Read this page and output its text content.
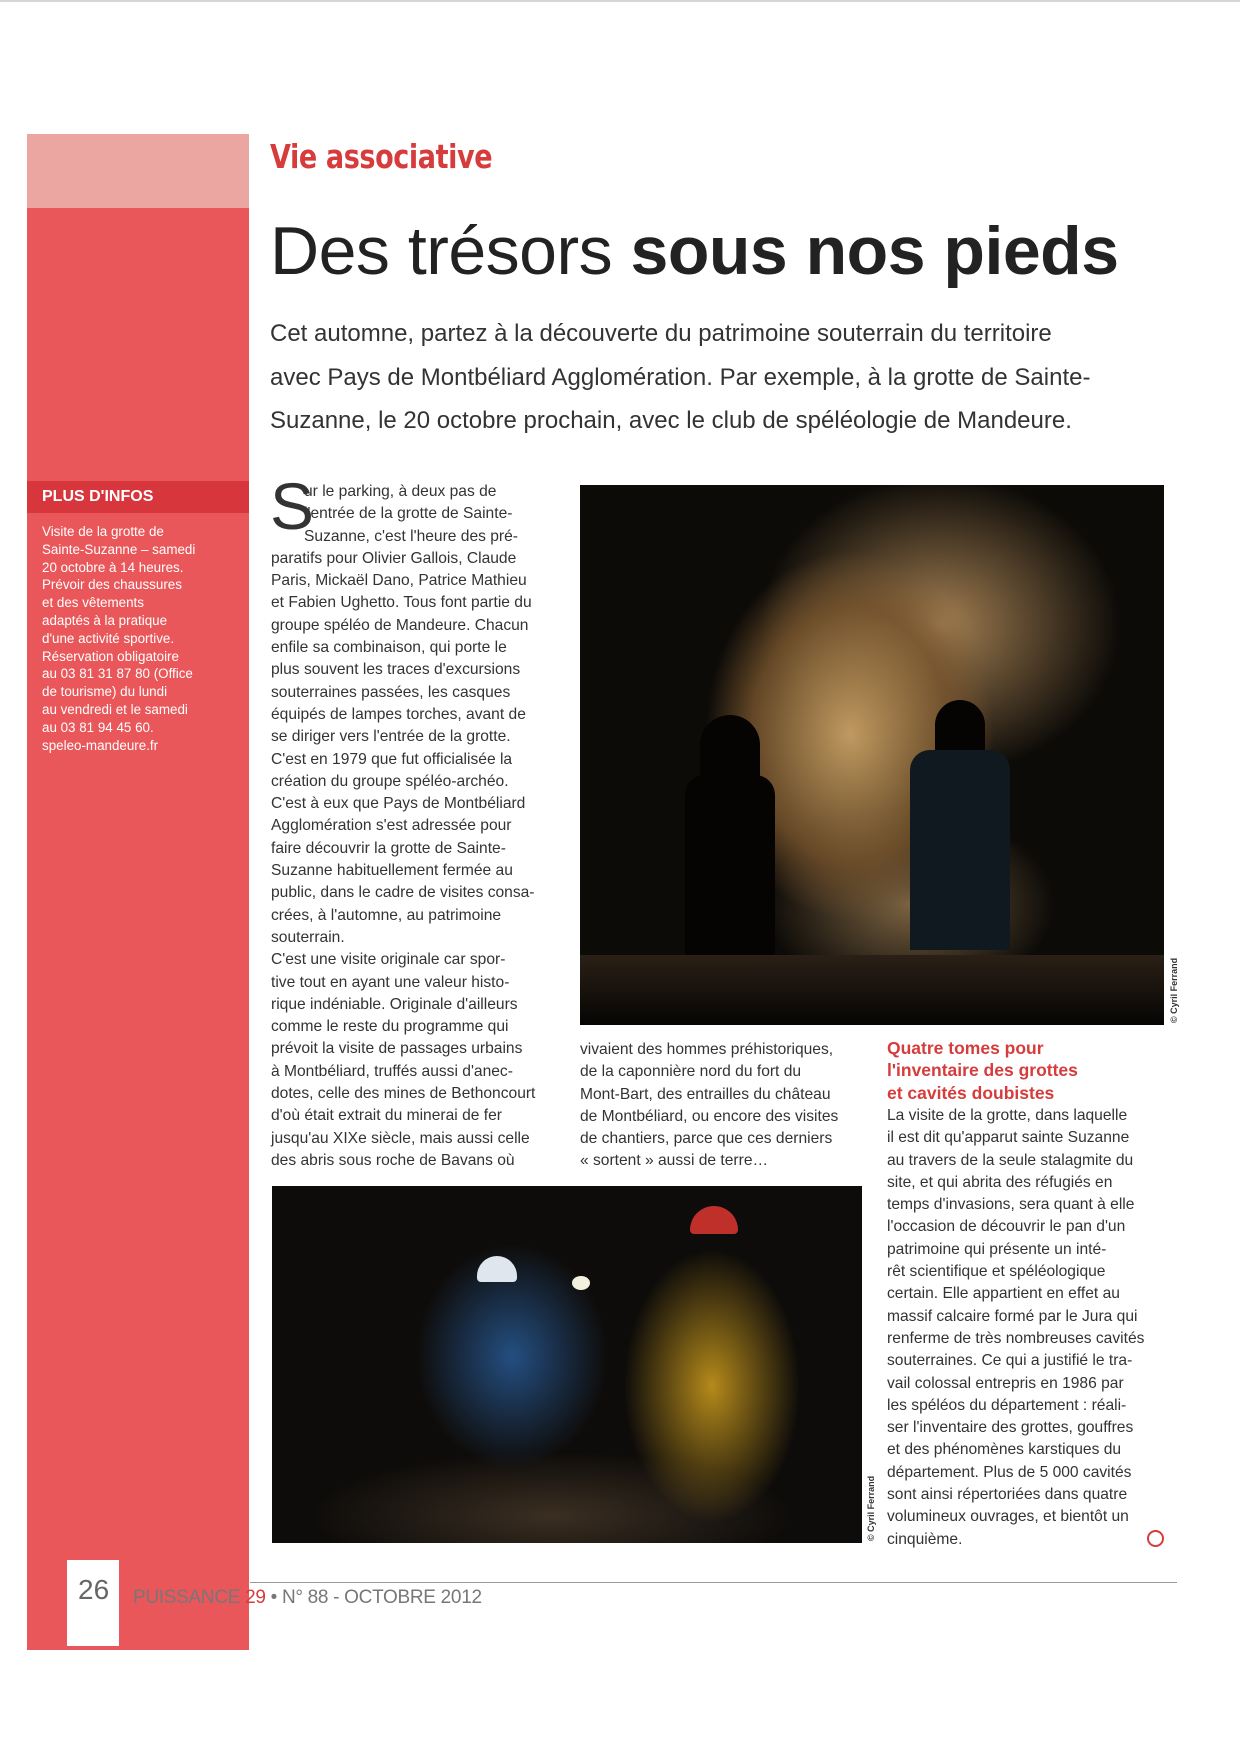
PLUS D'INFOS
Visite de la grotte de
Sainte-Suzanne – samedi
20 octobre à 14 heures.
Prévoir des chaussures
et des vêtements
adaptés à la pratique
d'une activité sportive.
Réservation obligatoire
au 03 81 31 87 80 (Office
de tourisme) du lundi
au vendredi et le samedi
au 03 81 94 45 60.
speleo-mandeure.fr
Vie associative
Des trésors sous nos pieds
Cet automne, partez à la découverte du patrimoine souterrain du territoire
avec Pays de Montbéliard Agglomération. Par exemple, à la grotte de Sainte-
Suzanne, le 20 octobre prochain, avec le club de spéléologie de Mandeure.
S
ur le parking, à deux pas de
l'entrée de la grotte de Sainte-
Suzanne, c'est l'heure des pré-
paratifs pour Olivier Gallois, Claude
Paris, Mickaël Dano, Patrice Mathieu
et Fabien Ughetto. Tous font partie du
groupe spéléo de Mandeure. Chacun
enfile sa combinaison, qui porte le
plus souvent les traces d'excursions
souterraines passées, les casques
équipés de lampes torches, avant de
se diriger vers l'entrée de la grotte.
C'est en 1979 que fut officialisée la
création du groupe spéléo-archéo.
C'est à eux que Pays de Montbéliard
Agglomération s'est adressée pour
faire découvrir la grotte de Sainte-
Suzanne habituellement fermée au
public, dans le cadre de visites consa-
crées, à l'automne, au patrimoine
souterrain.
C'est une visite originale car spor-
tive tout en ayant une valeur histo-
rique indéniable. Originale d'ailleurs
comme le reste du programme qui
prévoit la visite de passages urbains
à Montbéliard, truffés aussi d'anec-
dotes, celle des mines de Bethoncourt
d'où était extrait du minerai de fer
jusqu'au XIXe siècle, mais aussi celle
des abris sous roche de Bavans où
© Cyril Ferrand
vivaient des hommes préhistoriques,
de la caponnière nord du fort du
Mont-Bart, des entrailles du château
de Montbéliard, ou encore des visites
de chantiers, parce que ces derniers
« sortent » aussi de terre…
Quatre tomes pour
l'inventaire des grottes
et cavités doubistes
La visite de la grotte, dans laquelle
il est dit qu'apparut sainte Suzanne
au travers de la seule stalagmite du
site, et qui abrita des réfugiés en
temps d'invasions, sera quant à elle
l'occasion de découvrir le pan d'un
patrimoine qui présente un inté-
rêt scientifique et spéléologique
certain. Elle appartient en effet au
massif calcaire formé par le Jura qui
renferme de très nombreuses cavités
souterraines. Ce qui a justifié le tra-
vail colossal entrepris en 1986 par
les spéléos du département : réali-
ser l'inventaire des grottes, gouffres
et des phénomènes karstiques du
département. Plus de 5 000 cavités
sont ainsi répertoriées dans quatre
volumineux ouvrages, et bientôt un
cinquième.
© Cyril Ferrand
26 PUISSANCE 29 • N° 88 - OCTOBRE 2012
